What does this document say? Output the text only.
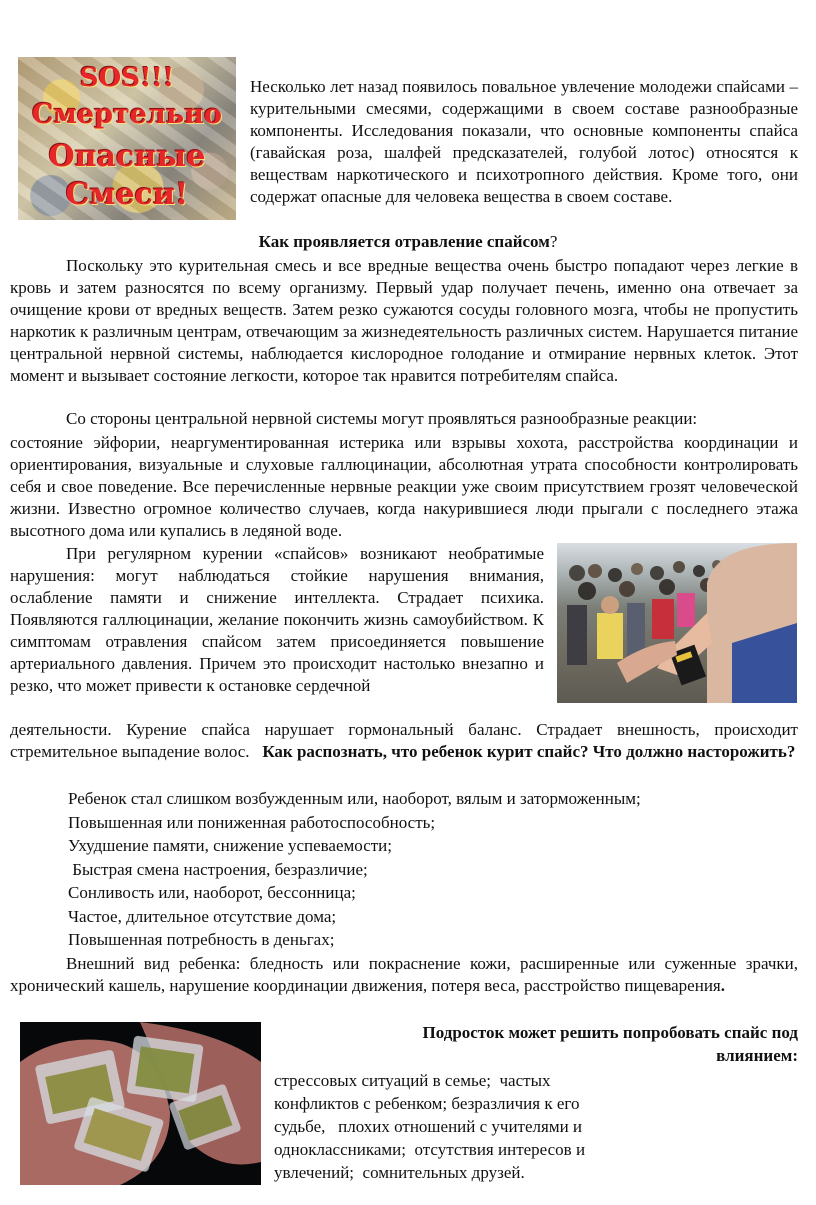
SOS!!!
Смертельно
Опасные
Смеси!

Несколько лет назад появилось повальное увлечение молодежи спайсами – курительными смесями, содержащими в своем составе разнообразные компоненты. Исследования показали, что основные компоненты спайса (гавайская роза, шалфей предсказателей, голубой лотос) относятся к веществам наркотического и психотропного действия. Кроме того, они содержат опасные для человека вещества в своем составе.

Как проявляется отравление спайсом?

Поскольку это курительная смесь и все вредные вещества очень быстро попадают через легкие в кровь и затем разносятся по всему организму. Первый удар получает печень, именно она отвечает за очищение крови от вредных веществ. Затем резко сужаются сосуды головного мозга, чтобы не пропустить наркотик к различным центрам, отвечающим за жизнедеятельность различных систем. Нарушается питание центральной нервной системы, наблюдается кислородное голодание и отмирание нервных клеток. Этот момент и вызывает состояние легкости, которое так нравится потребителям спайса.

Со стороны центральной нервной системы могут проявляться разнообразные реакции:

состояние эйфории, неаргументированная истерика или взрывы хохота, расстройства координации и ориентирования, визуальные и слуховые галлюцинации, абсолютная утрата способности контролировать себя и свое поведение. Все перечисленные нервные реакции уже своим присутствием грозят человеческой жизни. Известно огромное количество случаев, когда накурившиеся люди прыгали с последнего этажа высотного дома или купались в ледяной воде.

При регулярном курении «спайсов» возникают необратимые нарушения: могут наблюдаться стойкие нарушения внимания, ослабление памяти и снижение интеллекта. Страдает психика. Появляются галлюцинации, желание покончить жизнь самоубийством. К симптомам отравления спайсом затем присоединяется повышение артериального давления. Причем это происходит настолько внезапно и резко, что может привести к остановке сердечной

деятельности. Курение спайса нарушает гормональный баланс. Страдает внешность, происходит стремительное выпадение волос. Как распознать, что ребенок курит спайс? Что должно насторожить?
Ребенок стал слишком возбужденным или, наоборот, вялым и заторможенным;
Повышенная или пониженная работоспособность;
Ухудшение памяти, снижение успеваемости;
Быстрая смена настроения, безразличие;
Сонливость или, наоборот, бессонница;
Частое, длительное отсутствие дома;
Повышенная потребность в деньгах;
Внешний вид ребенка: бледность или покраснение кожи, расширенные или суженные зрачки, хронический кашель, нарушение координации движения, потеря веса, расстройство пищеварения.
Подросток может решить попробовать спайс под
влиянием:
стрессовых ситуаций в семье;  частых
конфликтов с ребенком; безразличия к его
судьбе,   плохих отношений с учителями и
одноклассниками;  отсутствия интересов и
увлечений;  сомнительных друзей.
